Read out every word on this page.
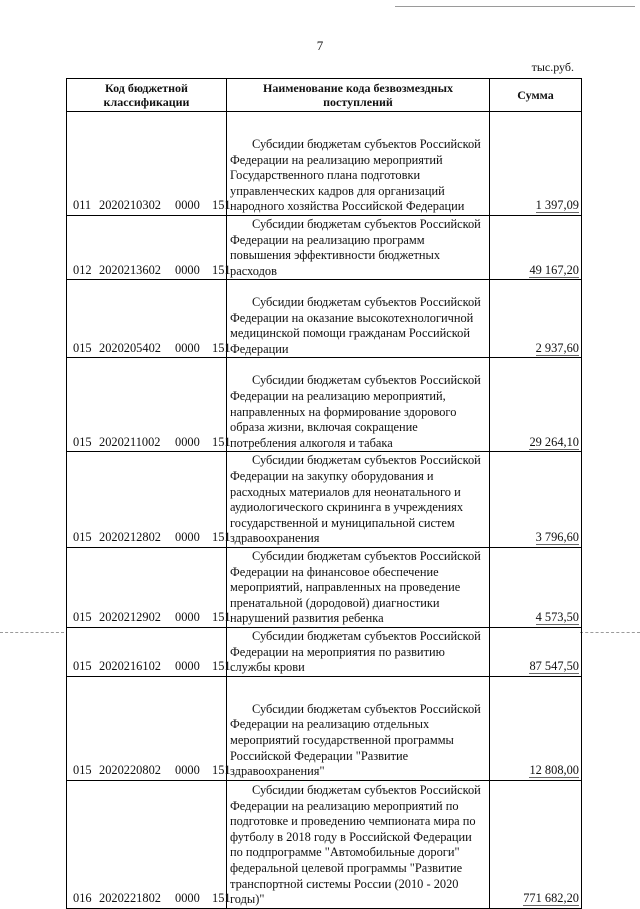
7
тыс.руб.
Код бюджетной классификации	Наименование кода безвозмездных поступлений	Сумма
011 2020210302 0000 151	Субсидии бюджетам субъектов Российской Федерации на реализацию мероприятий Государственного плана подготовки управленческих кадров для организаций народного хозяйства Российской Федерации	1 397,09
012 2020213602 0000 151	Субсидии бюджетам субъектов Российской Федерации на реализацию программ повышения эффективности бюджетных расходов	49 167,20
015 2020205402 0000 151	Субсидии бюджетам субъектов Российской Федерации на оказание высокотехнологичной медицинской помощи гражданам Российской Федерации	2 937,60
015 2020211002 0000 151	Субсидии бюджетам субъектов Российской Федерации на реализацию мероприятий, направленных на формирование здорового образа жизни, включая сокращение потребления алкоголя и табака	29 264,10
015 2020212802 0000 151	Субсидии бюджетам субъектов Российской Федерации на закупку оборудования и расходных материалов для неонатального и аудиологического скрининга в учреждениях государственной и муниципальной систем здравоохранения	3 796,60
015 2020212902 0000 151	Субсидии бюджетам субъектов Российской Федерации на финансовое обеспечение мероприятий, направленных на проведение пренатальной (дородовой) диагностики нарушений развития ребенка	4 573,50
015 2020216102 0000 151	Субсидии бюджетам субъектов Российской Федерации на мероприятия по развитию службы крови	87 547,50
015 2020220802 0000 151	Субсидии бюджетам субъектов Российской Федерации на реализацию отдельных мероприятий государственной программы Российской Федерации "Развитие здравоохранения"	12 808,00
016 2020221802 0000 151	Субсидии бюджетам субъектов Российской Федерации на реализацию мероприятий по подготовке и проведению чемпионата мира по футболу в 2018 году в Российской Федерации по подпрограмме "Автомобильные дороги" федеральной целевой программы "Развитие транспортной системы России (2010 - 2020 годы)"	771 682,20
